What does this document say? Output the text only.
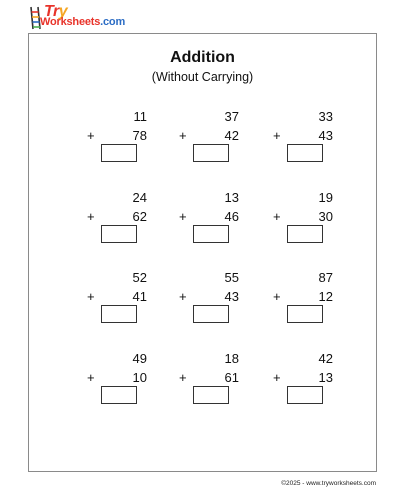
Try
Worksheets.com
Addition
(Without Carrying)
11
+	78
37
+	42
33
+	43
24
+	62
13
+	46
19
+	30
52
+	41
55
+	43
87
+	12
49
+	10
18
+	61
42
+	13
©2025 - www.tryworksheets.com
